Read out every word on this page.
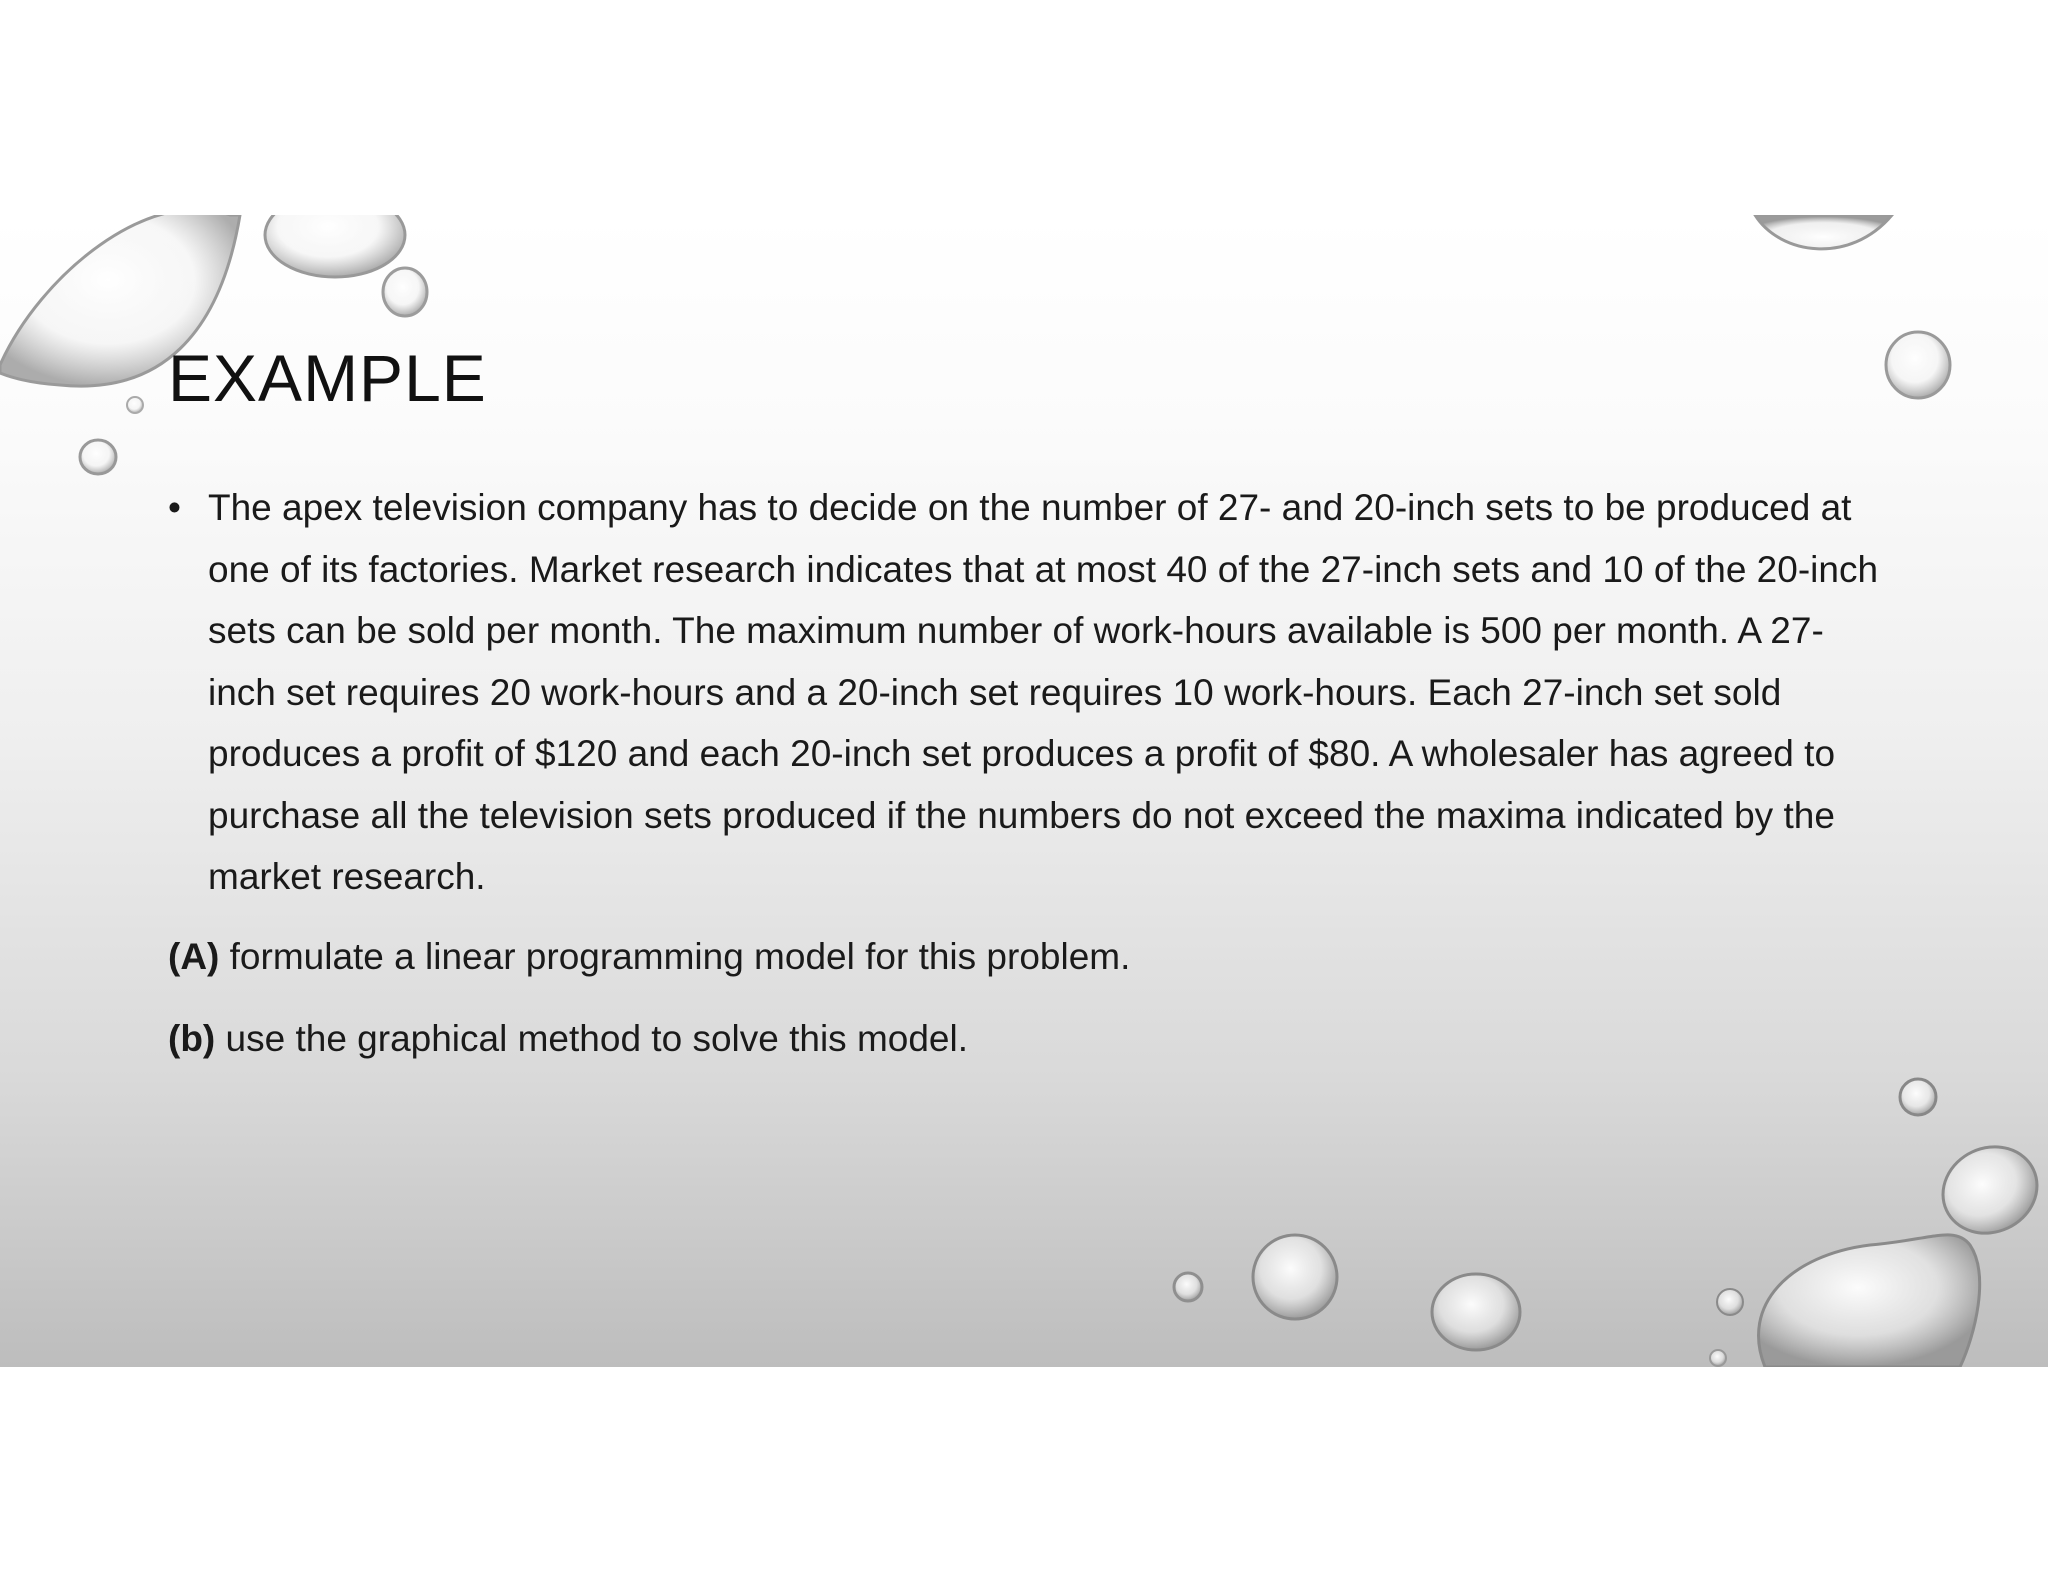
EXAMPLE
• The apex television company has to decide on the number of 27- and 20-inch sets to be produced at one of its factories. Market research indicates that at most 40 of the 27-inch sets and 10 of the 20-inch sets can be sold per month. The maximum number of work-hours available is 500 per month. A 27-inch set requires 20 work-hours and a 20-inch set requires 10 work-hours. Each 27-inch set sold produces a profit of $120 and each 20-inch set produces a profit of $80. A wholesaler has agreed to purchase all the television sets produced if the numbers do not exceed the maxima indicated by the market research.
(A) formulate a linear programming model for this problem.
(b) use the graphical method to solve this model.
